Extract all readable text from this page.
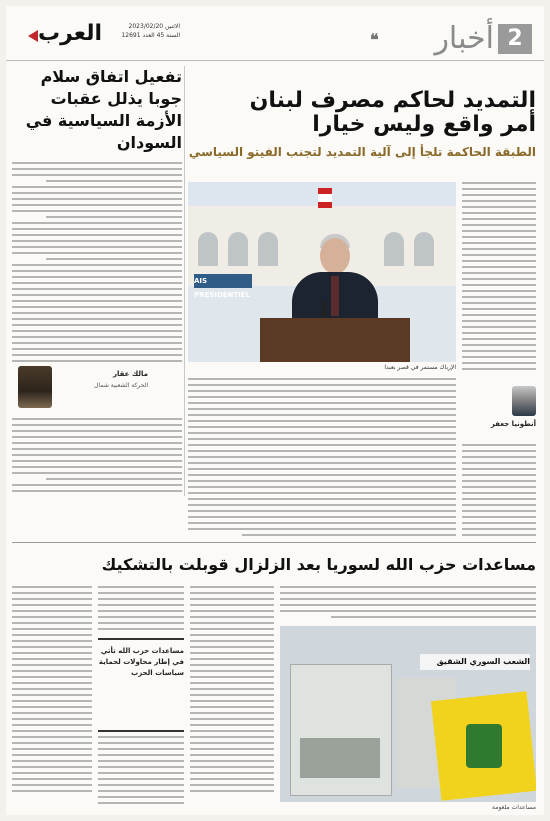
العرب	الاثنين 2023/02/20
السنة 45 العدد 12691	❝	أخبار 2
تفعيل اتفاق سلام جوبا يذلل عقبات الأزمة السياسية في السودان
مالك عقار
الحركة الشعبية شمال
التمديد لحاكم مصرف لبنان
أمر واقع وليس خيارا
الطبقة الحاكمة تلجأ إلى آلية التمديد لتجنب الفيتو السياسي
AIS PRESIDENTIEL
الإرباك مستمر في قصر بعبدا
أنطونيا جعفر
مساعدات حزب الله لسوريا بعد الزلزال قوبلت بالتشكيك
مساعدات حزب الله تأتي في إطار محاولات لحماية سياسات الحزب
الشعب السوري الشقيق
مساعدات ملغومة
